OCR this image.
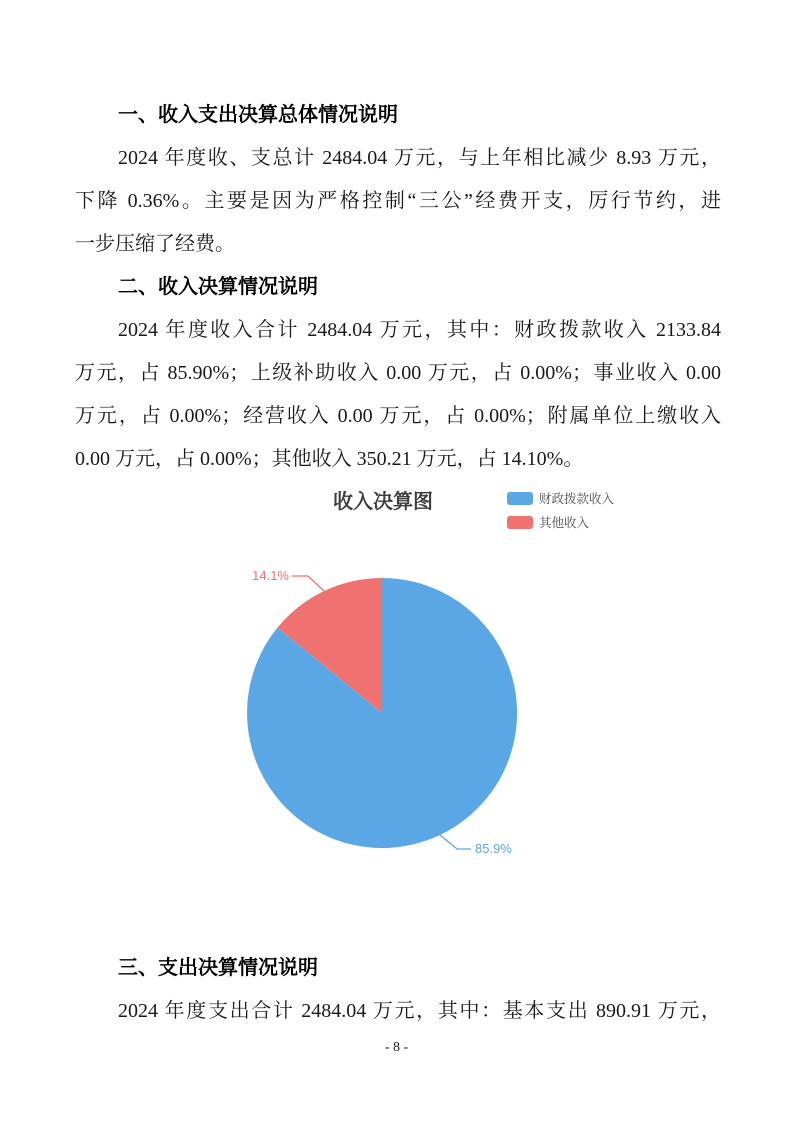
一、收入支出决算总体情况说明
2024 年度收、支总计 2484.04 万元，与上年相比减少 8.93 万元，
下降 0.36%。主要是因为严格控制“三公”经费开支，厉行节约，进
一步压缩了经费。
二、收入决算情况说明
2024 年度收入合计 2484.04 万元，其中：财政拨款收入 2133.84
万元，占 85.90%；上级补助收入 0.00 万元，占 0.00%；事业收入 0.00
万元，占 0.00%；经营收入 0.00 万元，占 0.00%；附属单位上缴收入
0.00 万元，占 0.00%；其他收入 350.21 万元，占 14.10%。
收入决算图	财政拨款收入
其他收入
14.1%
85.9%
三、支出决算情况说明
2024 年度支出合计 2484.04 万元，其中：基本支出 890.91 万元，
- 8 -
